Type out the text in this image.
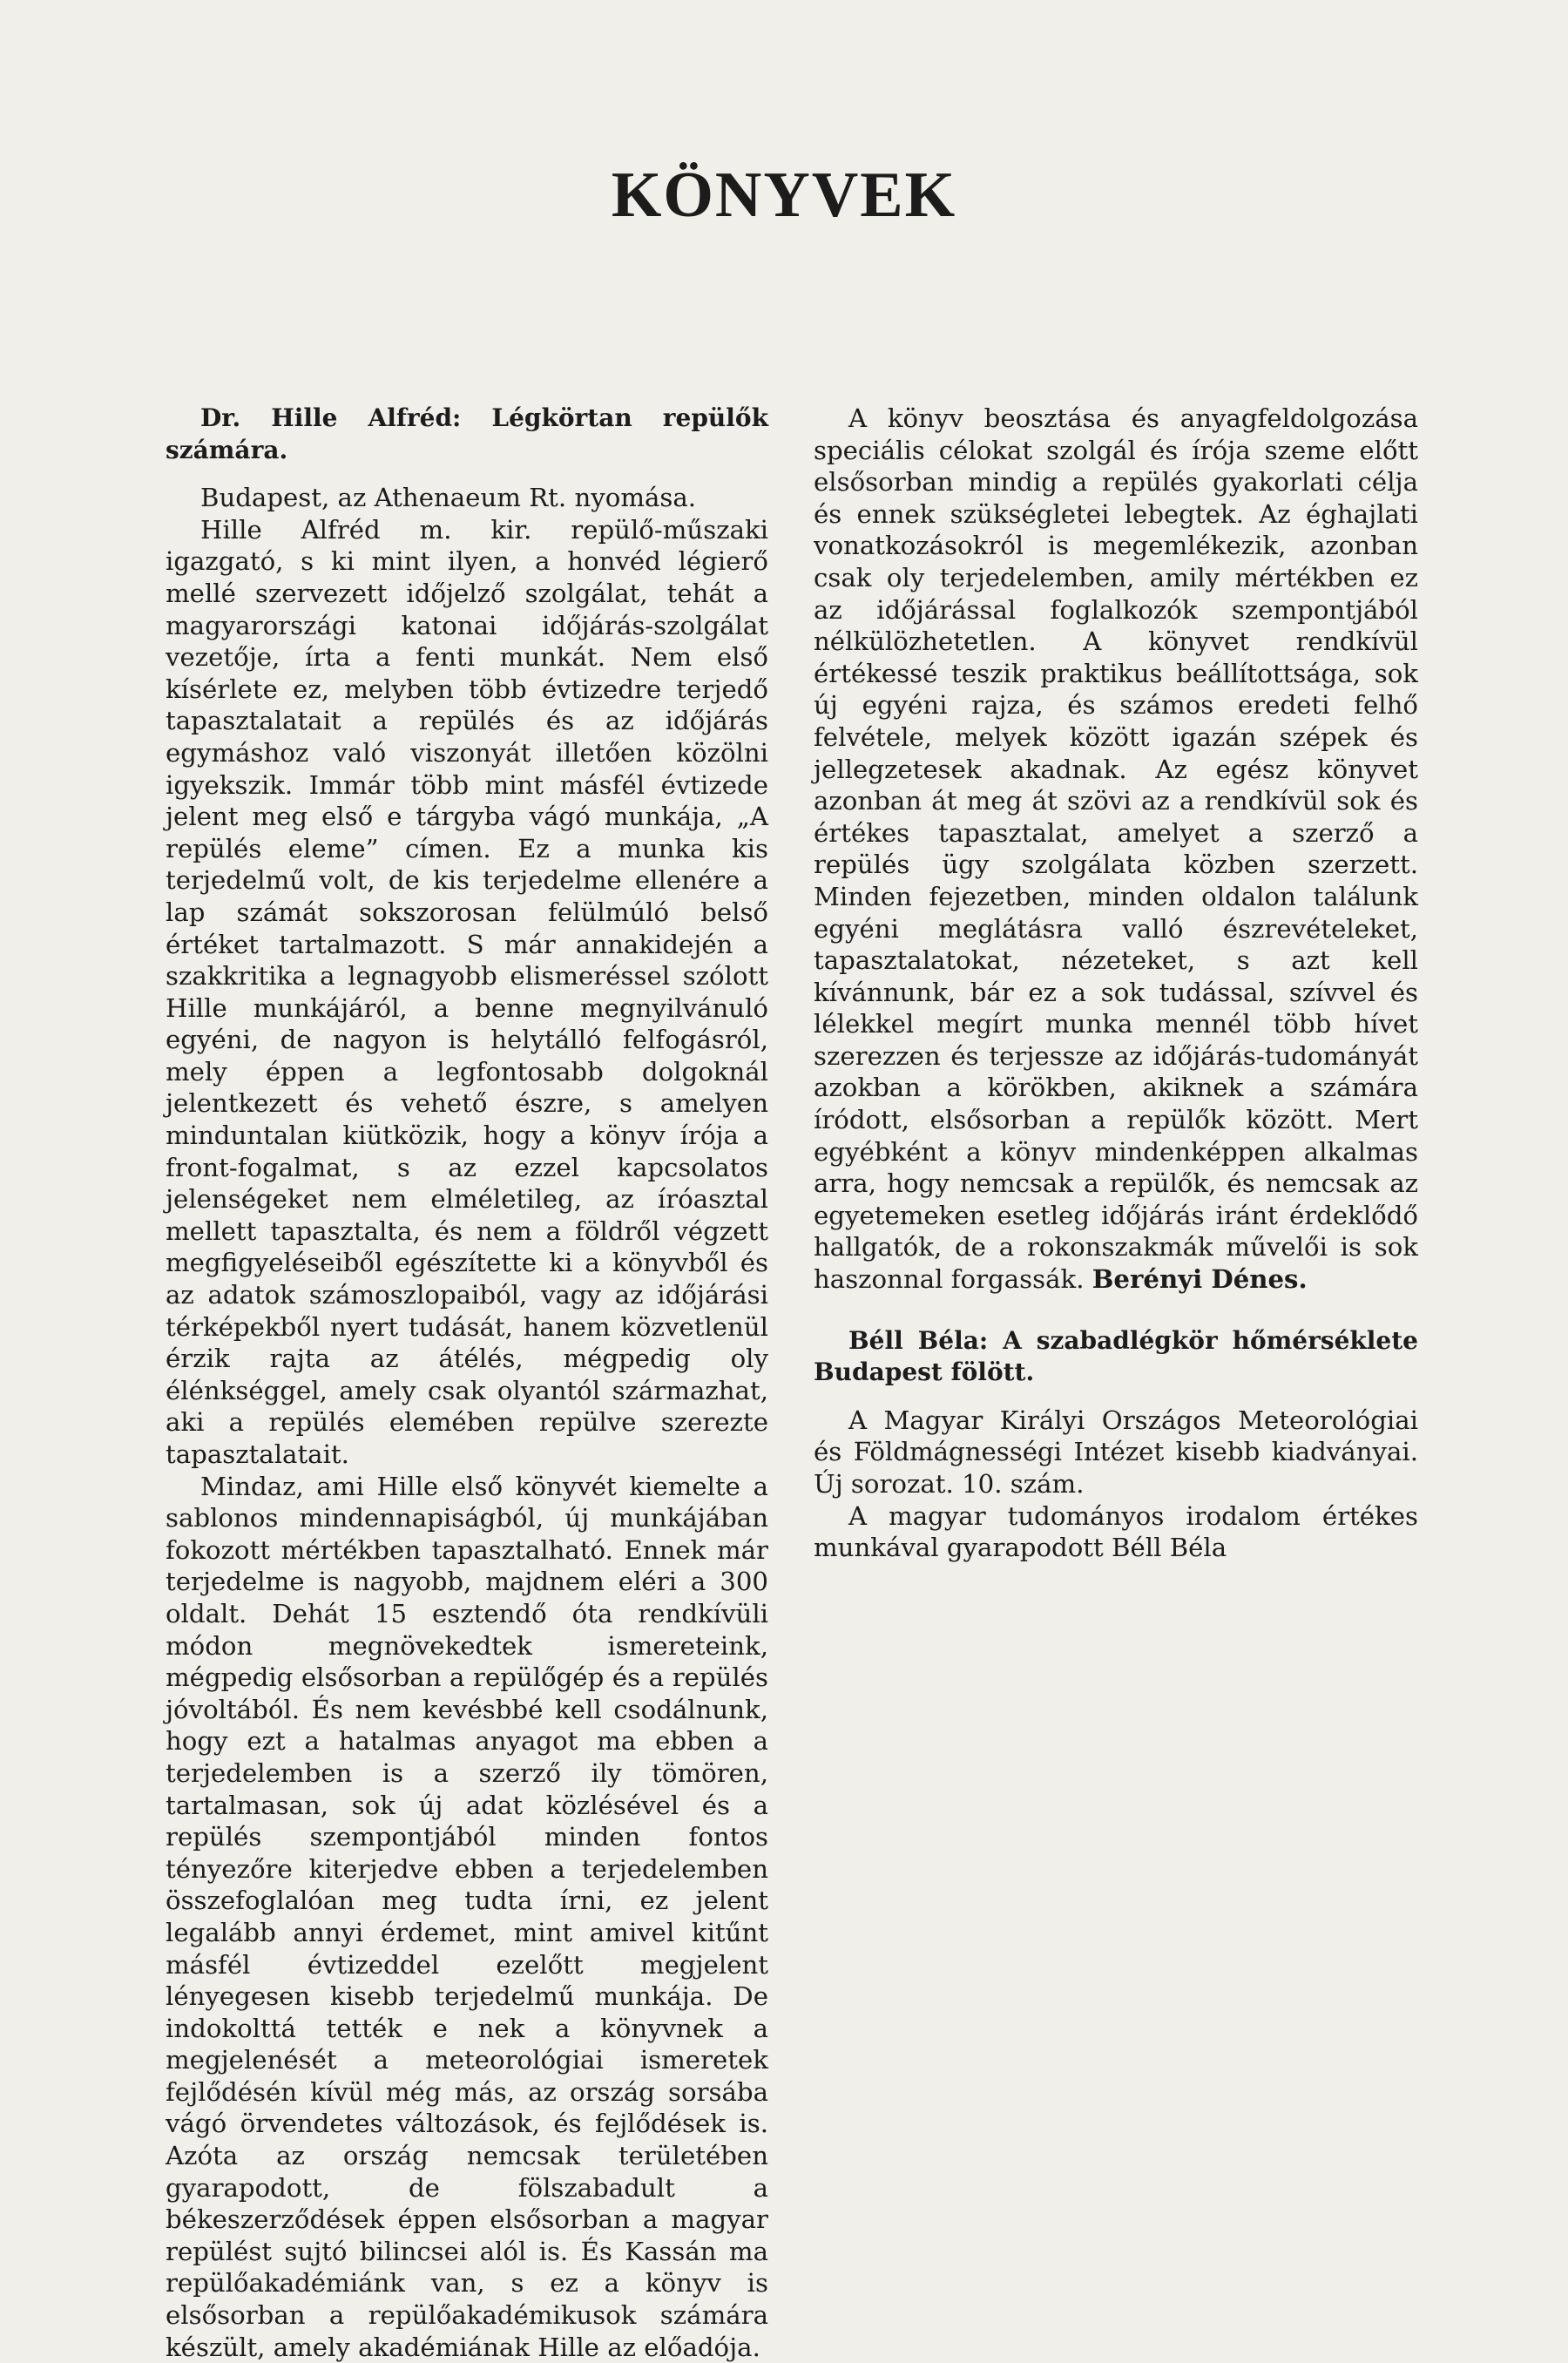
KÖNYVEK

Dr. Hille Alfréd: Légkörtan repülők számára.

Budapest, az Athenaeum Rt. nyomása.

Hille Alfréd m. kir. repülő-műszaki igazgató, s ki mint ilyen, a honvéd légierő mellé szervezett időjelző szolgálat, tehát a magyarországi katonai időjárás-szolgálat vezetője, írta a fenti munkát. Nem első kísérlete ez, melyben több évtizedre terjedő tapasztalatait a repülés és az időjárás egymáshoz való viszonyát illetően közölni igyekszik. Immár több mint másfél évtizede jelent meg első e tárgyba vágó munkája, „A repülés eleme” címen. Ez a munka kis terjedelmű volt, de kis terjedelme ellenére a lap számát sokszorosan felülmúló belső értéket tartalmazott. S már annakidején a szakkritika a legnagyobb elismeréssel szólott Hille munkájáról, a benne megnyilvánuló egyéni, de nagyon is helytálló felfogásról, mely éppen a legfontosabb dolgoknál jelentkezett és vehető észre, s amelyen minduntalan kiütközik, hogy a könyv írója a front-fogalmat, s az ezzel kapcsolatos jelenségeket nem elméletileg, az íróasztal mellett tapasztalta, és nem a földről végzett megfigyeléseiből egészítette ki a könyvből és az adatok számoszlopaiból, vagy az időjárási térképekből nyert tudását, hanem közvetlenül érzik rajta az átélés, mégpedig oly élénkséggel, amely csak olyantól származhat, aki a repülés elemében repülve szerezte tapasztalatait.

Mindaz, ami Hille első könyvét kiemelte a sablonos mindennapiságból, új munkájában fokozott mértékben tapasztalható. Ennek már terjedelme is nagyobb, majdnem eléri a 300 oldalt. Dehát 15 esztendő óta rendkívüli módon megnövekedtek ismereteink, mégpedig elsősorban a repülőgép és a repülés jóvoltából. És nem kevésbbé kell csodálnunk, hogy ezt a hatalmas anyagot ma ebben a terjedelemben is a szerző ily tömören, tartalmasan, sok új adat közlésével és a repülés szempontjából minden fontos tényezőre kiterjedve ebben a terjedelemben összefoglalóan meg tudta írni, ez jelent legalább annyi érdemet, mint amivel kitűnt másfél évtizeddel ezelőtt megjelent lényegesen kisebb terjedelmű munkája. De indokolttá tették e nek a könyvnek a megjelenését a meteorológiai ismeretek fejlődésén kívül még más, az ország sorsába vágó örvendetes változások, és fejlődések is. Azóta az ország nemcsak területében gyarapodott, de fölszabadult a békeszerződések éppen elsősorban a magyar repülést sujtó bilincsei alól is. És Kassán ma repülőakadémiánk van, s ez a könyv is elsősorban a repülőakadémikusok számára készült, amely akadémiának Hille az előadója.

A könyv beosztása és anyagfeldolgozása speciális célokat szolgál és írója szeme előtt elsősorban mindig a repülés gyakorlati célja és ennek szükségletei lebegtek. Az éghajlati vonatkozásokról is megemlékezik, azonban csak oly terjedelemben, amily mértékben ez az időjárással foglalkozók szempontjából nélkülözhetetlen. A könyvet rendkívül értékessé teszik praktikus beállítottsága, sok új egyéni rajza, és számos eredeti felhő felvétele, melyek között igazán szépek és jellegzetesek akadnak. Az egész könyvet azonban át meg át szövi az a rendkívül sok és értékes tapasztalat, amelyet a szerző a repülés ügy szolgálata közben szerzett. Minden fejezetben, minden oldalon találunk egyéni meglátásra valló észrevételeket, tapasztalatokat, nézeteket, s azt kell kívánnunk, bár ez a sok tudással, szívvel és lélekkel megírt munka mennél több hívet szerezzen és terjessze az időjárás-tudományát azokban a körökben, akiknek a számára íródott, elsősorban a repülők között. Mert egyébként a könyv mindenképpen alkalmas arra, hogy nemcsak a repülők, és nemcsak az egyetemeken esetleg időjárás iránt érdeklődő hallgatók, de a rokonszakmák művelői is sok haszonnal forgassák. Berényi Dénes.

Béll Béla: A szabadlégkör hőmérséklete Budapest fölött.

A Magyar Királyi Országos Meteorológiai és Földmágnességi Intézet kisebb kiadványai. Új sorozat. 10. szám.

A magyar tudományos irodalom értékes munkával gyarapodott Béll Béla
